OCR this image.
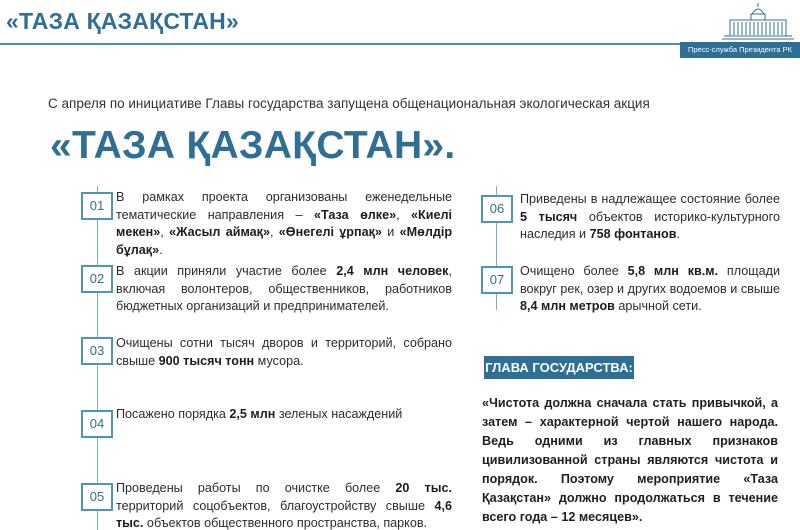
«ТАЗА ҚАЗАҚСТАН»
Пресс-служба Президента РК
С апреля по инициативе Главы государства запущена общенациональная экологическая акция
«ТАЗА ҚАЗАҚСТАН».
01
В рамках проекта организованы еженедельные тематические направления – «Таза өлке», «Киелі мекен», «Жасыл аймақ», «Өнегелі ұрпақ» и «Мөлдір бұлақ».
02 В акции приняли участие более 2,4 млн человек, включая волонтеров, общественников, работников бюджетных организаций и предпринимателей.
03 Очищены сотни тысяч дворов и территорий, собрано свыше 900 тысяч тонн мусора.
04
Посажено порядка 2,5 млн зеленых насаждений
05
Проведены работы по очистке более 20 тыс. территорий соцобъектов, благоустройству свыше 4,6 тыс. объектов общественного пространства, парков.
06
Приведены в надлежащее состояние более 5 тысяч объектов историко-культурного наследия и 758 фонтанов.
07
Очищено более 5,8 млн кв.м. площади вокруг рек, озер и других водоемов и свыше 8,4 млн метров арычной сети.
ГЛАВА ГОСУДАРСТВА:
«Чистота должна сначала стать привычкой, а затем – характерной чертой нашего народа. Ведь одними из главных признаков цивилизованной страны являются чистота и порядок. Поэтому мероприятие «Таза Қазақстан» должно продолжаться в течение всего года – 12 месяцев».
